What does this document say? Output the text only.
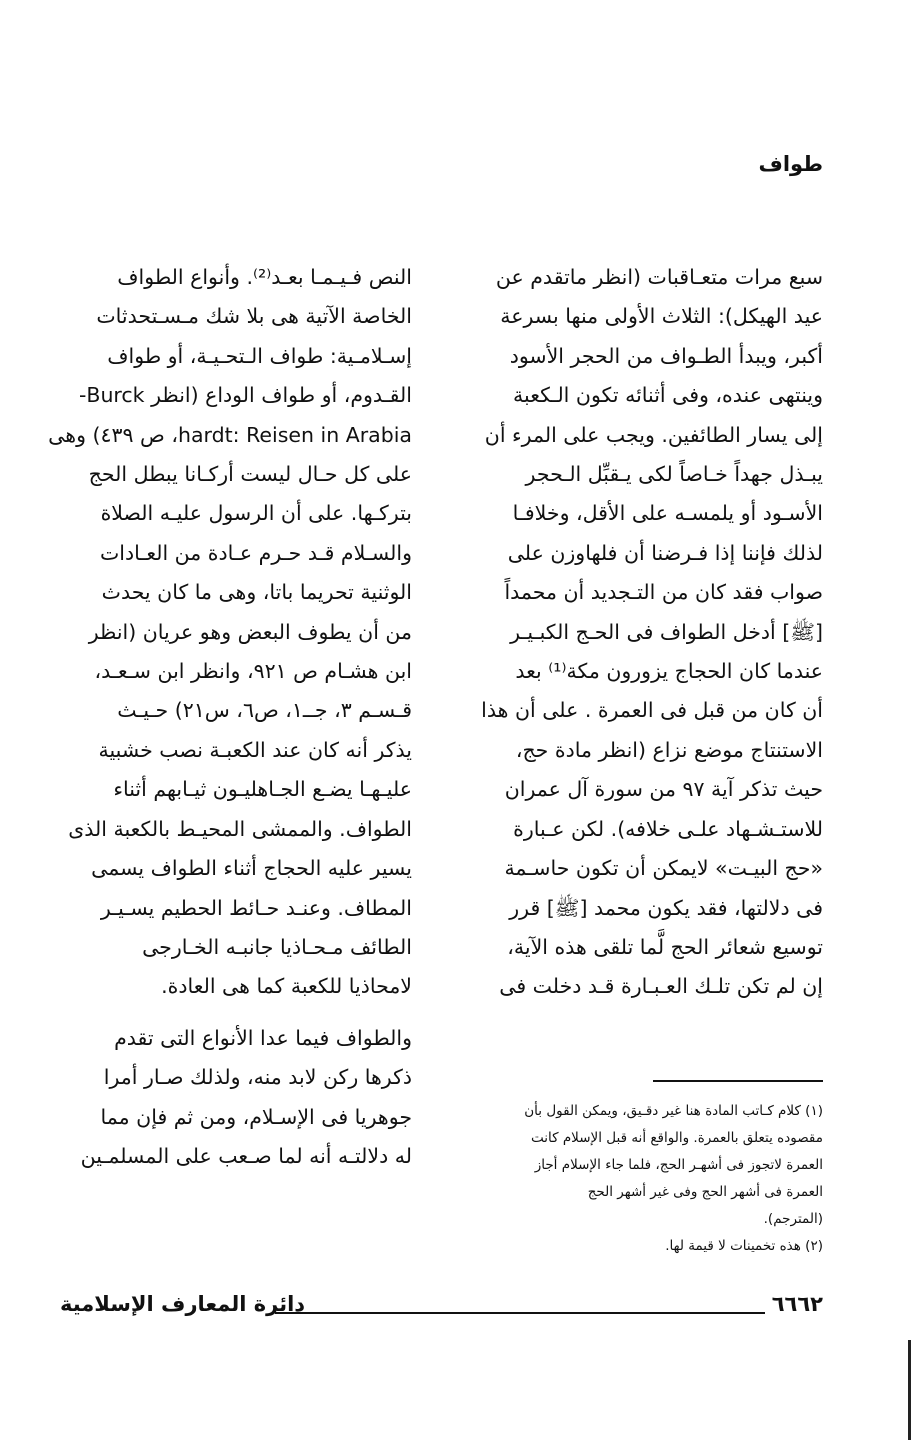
طواف
سبع مرات متعـاقبات (انظر ماتقدم عن
عيد الهيكل): الثلاث الأولى منها بسرعة
أكبر، ويبدأ الطـواف من الحجر الأسود
وينتهى عنده، وفى أثنائه تكون الـكعبة
إلى يسار الطائفين. ويجب على المرء أن
يبـذل جهداً خـاصاً لكى يـقبِّل الـحجر
الأسـود أو يلمسـه على الأقل، وخلافـا
لذلك فإننا إذا فـرضنا أن فلهاوزن على
صواب فقد كان من التـجديد أن محمداً
[ﷺ] أدخل الطواف فى الحـج الكبـيـر
عندما كان الحجاج يزورون مكة⁽¹⁾ بعد
أن كان من قبل فى العمرة . على أن هذا
الاستنتاج موضع نزاع (انظر مادة حج،
حيث تذكر آية ٩٧ من سورة آل عمران
للاستـشـهاد علـى خلافه). لكن عـبارة
«حج البيـت» لايمكن أن تكون حاسـمة
فى دلالتها، فقد يكون محمد [ﷺ] قرر
توسيع شعائر الحج لَّما تلقى هذه الآية،
إن لم تكن تلـك العـبـارة قـد دخلت فى
النص فـيـمـا بعـد⁽²⁾. وأنواع الطواف
الخاصة الآتية هى بلا شك مـسـتحدثات
إسـلامـية: طواف الـتحـيـة، أو طواف
القـدوم، أو طواف الوداع (انظر Burck-
hardt: Reisen in Arabia، ص ٤٣٩) وهى
على كل حـال ليست أركـانا يبطل الحج
بتركـها. على أن الرسول عليـه الصلاة
والسـلام قـد حـرم عـادة من العـادات
الوثنية تحريما باتا، وهى ما كان يحدث
من أن يطوف البعض وهو عريان (انظر
ابن هشـام ص ٩٢١، وانظر ابن سـعـد،
قـسـم ٣، جــ١، ص٦، س٢١) حـيـث
يذكر أنه كان عند الكعبـة نصب خشبية
عليـهـا يضـع الجـاهليـون ثيـابهم أثناء
الطواف. والممشى المحيـط بالكعبة الذى
يسير عليه الحجاج أثناء الطواف يسمى
المطاف. وعنـد حـائط الحطيم يسـيـر
الطائف مـحـاذيا جانبـه الخـارجى
لامحاذيا للكعبة كما هى العادة.
والطواف فيما عدا الأنواع التى تقدم
ذكرها ركن لابد منه، ولذلك صـار أمرا
جوهريا فى الإسـلام، ومن ثم فإن مما
له دلالتـه أنه لما صـعب على المسلمـين
(١) كلام كـاتب المادة هنا غير دقـيق، ويمكن القول بأن
مقصوده يتعلق بالعمرة. والواقع أنه قبل الإسلام كانت
العمرة لاتجوز فى أشهـر الحج، فلما جاء الإسلام أجاز
العمرة فى أشهر الحج وفى غير أشهر الحج
(المترجم).
(٢) هذه تخمينات لا قيمة لها.
٦٦٦٢
دائرة المعارف الإسلامية
